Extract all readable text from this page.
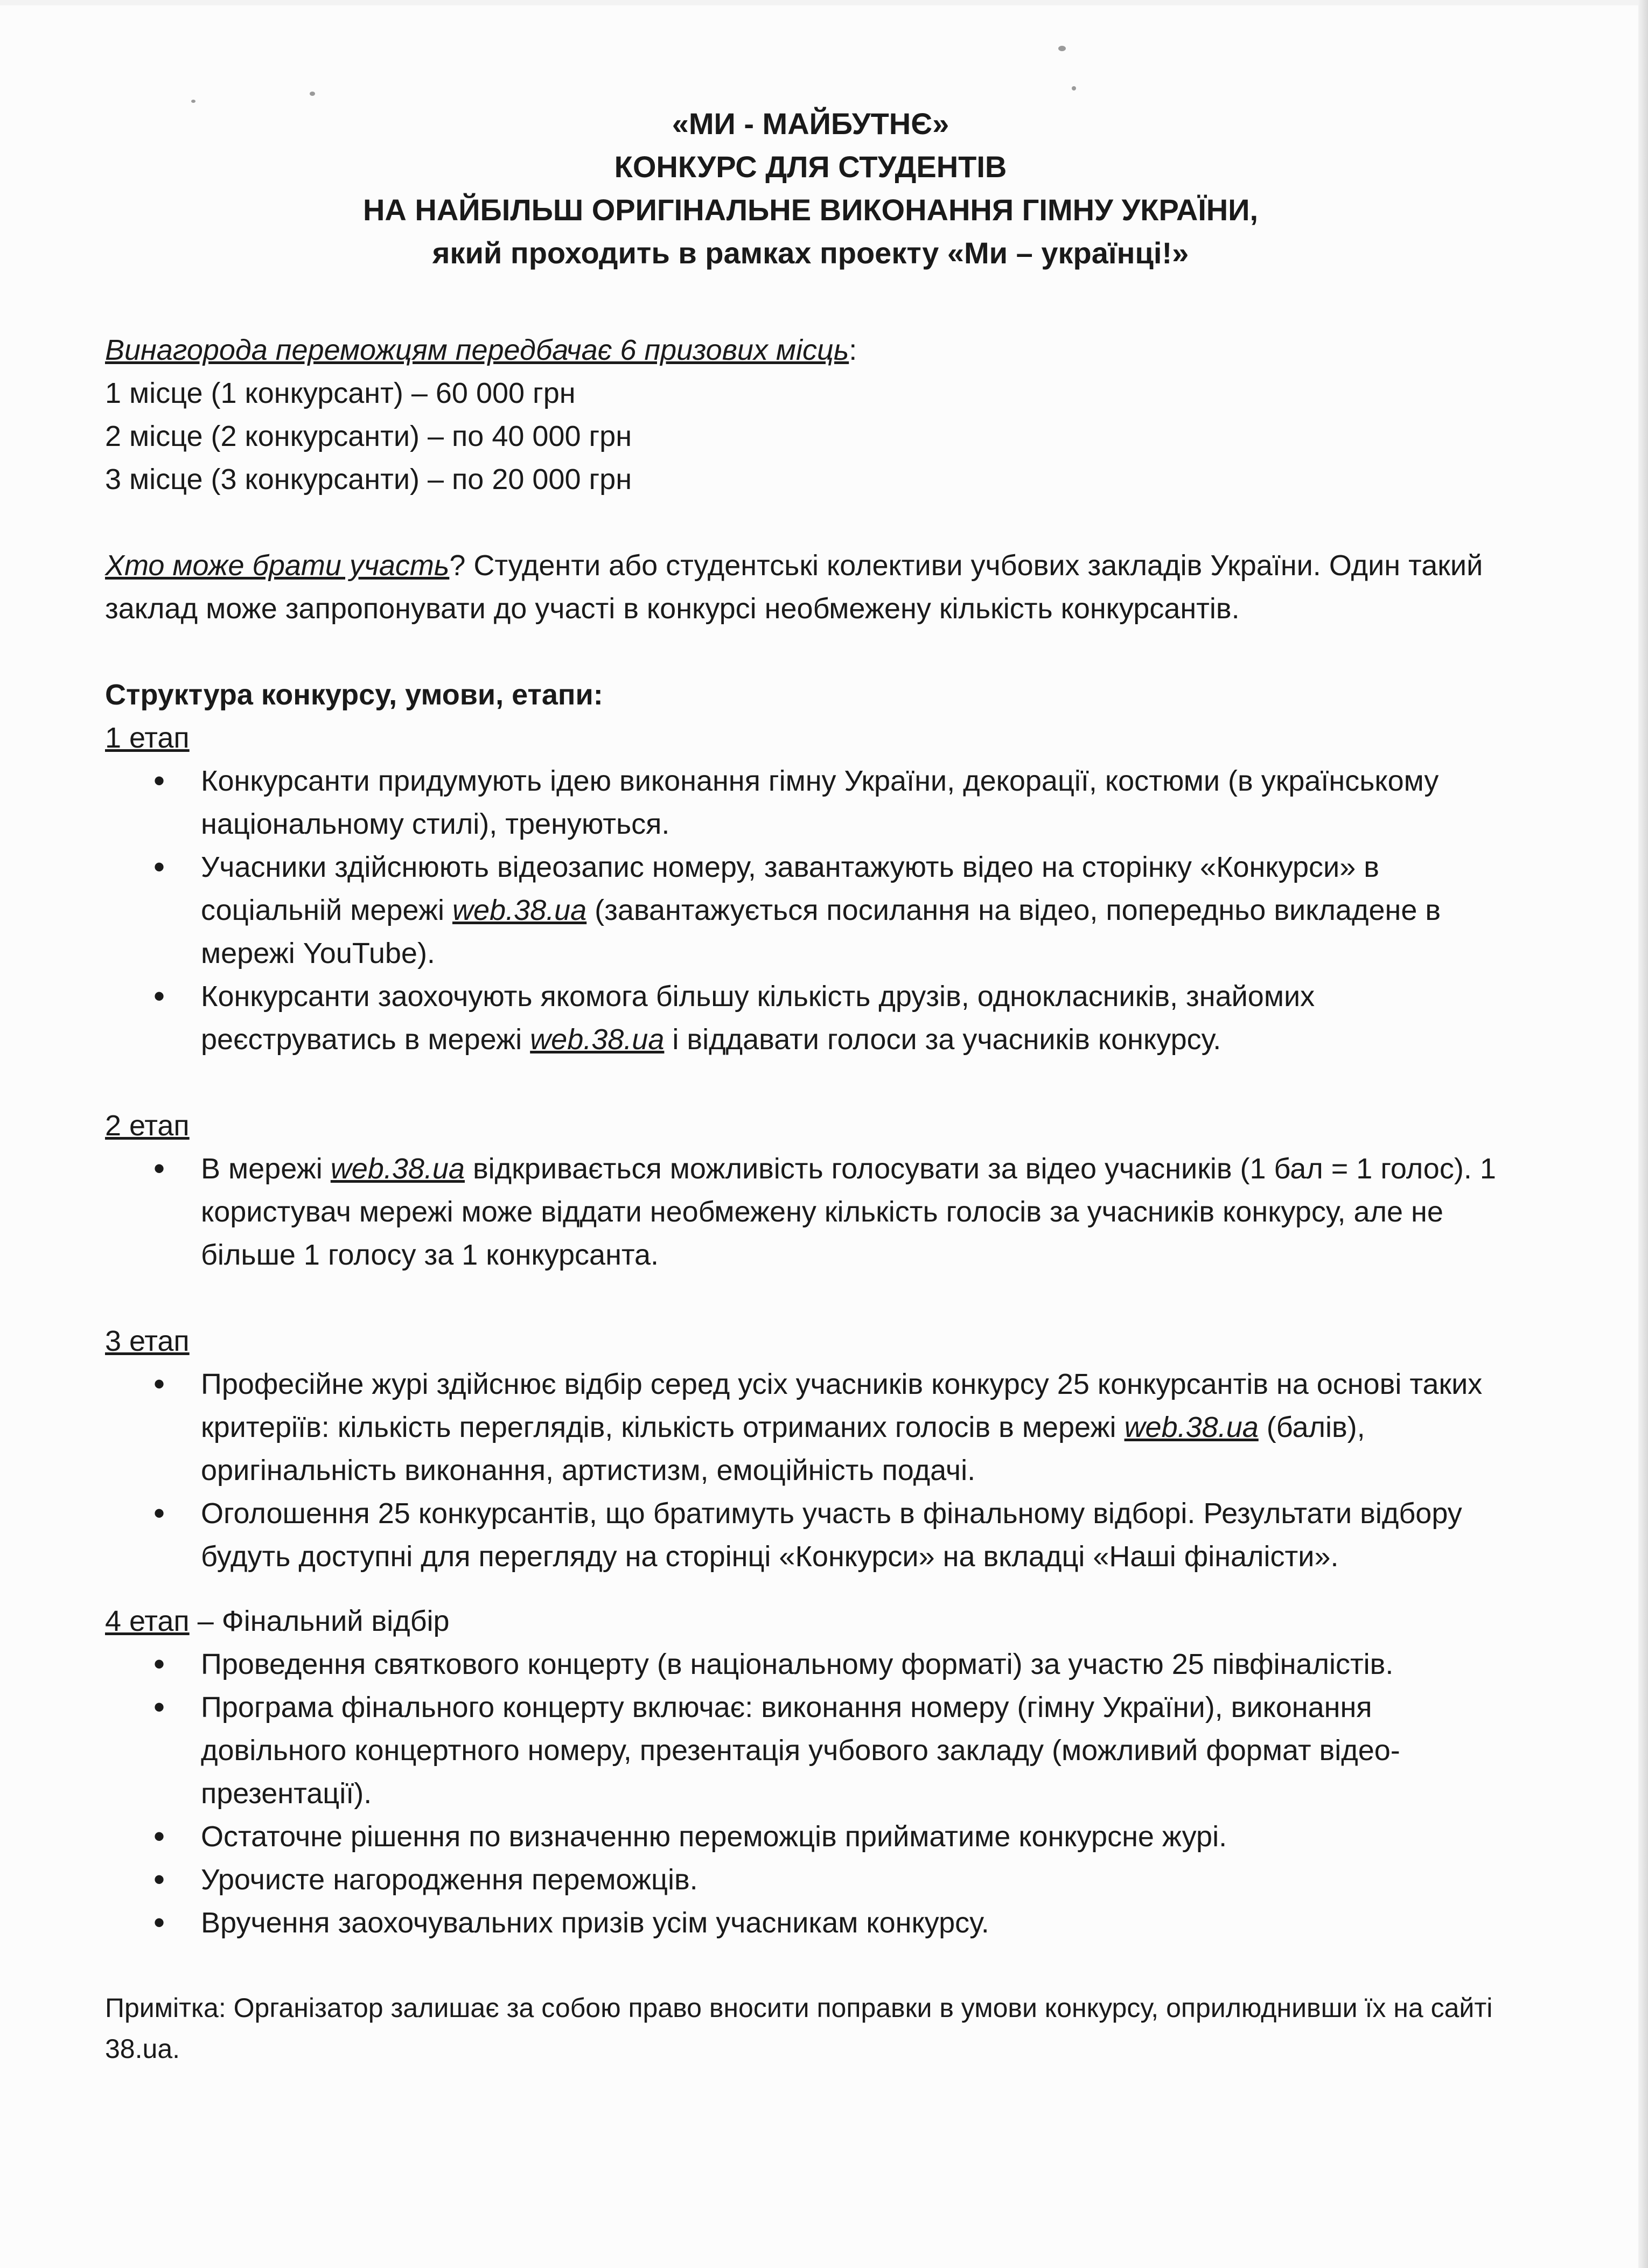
«МИ - МАЙБУТНЄ»

КОНКУРС ДЛЯ СТУДЕНТІВ

НА НАЙБІЛЬШ ОРИГІНАЛЬНЕ ВИКОНАННЯ ГІМНУ УКРАЇНИ,

який проходить в рамках проекту «Ми – українці!»

Винагорода переможцям передбачає 6 призових місць:

1 місце (1 конкурсант) – 60 000 грн

2 місце (2 конкурсанти) – по 40 000 грн

3 місце (3 конкурсанти) – по 20 000 грн

Хто може брати участь? Студенти або студентські колективи учбових закладів України. Один такий заклад може запропонувати до участі в конкурсі необмежену кількість конкурсантів.

Структура конкурсу, умови, етапи:

1 етап

• Конкурсанти придумують ідею виконання гімну України, декорації, костюми (в українському національному стилі), тренуються.
• Учасники здійснюють відеозапис номеру, завантажують відео на сторінку «Конкурси» в соціальній мережі web.38.ua (завантажується посилання на відео, попередньо викладене в мережі YouTube).
• Конкурсанти заохочують якомога більшу кількість друзів, однокласників, знайомих реєструватись в мережі web.38.ua і віддавати голоси за учасників конкурсу.

2 етап

• В мережі web.38.ua відкривається можливість голосувати за відео учасників (1 бал = 1 голос). 1 користувач мережі може віддати необмежену кількість голосів за учасників конкурсу, але не більше 1 голосу за 1 конкурсанта.

3 етап

• Професійне журі здійснює відбір серед усіх учасників конкурсу 25 конкурсантів на основі таких критеріїв: кількість переглядів, кількість отриманих голосів в мережі web.38.ua (балів), оригінальність виконання, артистизм, емоційність подачі.
• Оголошення 25 конкурсантів, що братимуть участь в фінальному відборі. Результати відбору будуть доступні для перегляду на сторінці «Конкурси» на вкладці «Наші фіналісти».

4 етап – Фінальний відбір

• Проведення святкового концерту (в національному форматі) за участю 25 півфіналістів.
• Програма фінального концерту включає: виконання номеру (гімну України), виконання довільного концертного номеру, презентація учбового закладу (можливий формат відео-презентації).
• Остаточне рішення по визначенню переможців прийматиме конкурсне журі.
• Урочисте нагородження переможців.
• Вручення заохочувальних призів усім учасникам конкурсу.

Примітка: Організатор залишає за собою право вносити поправки в умови конкурсу, оприлюднивши їх на сайті 38.ua.
